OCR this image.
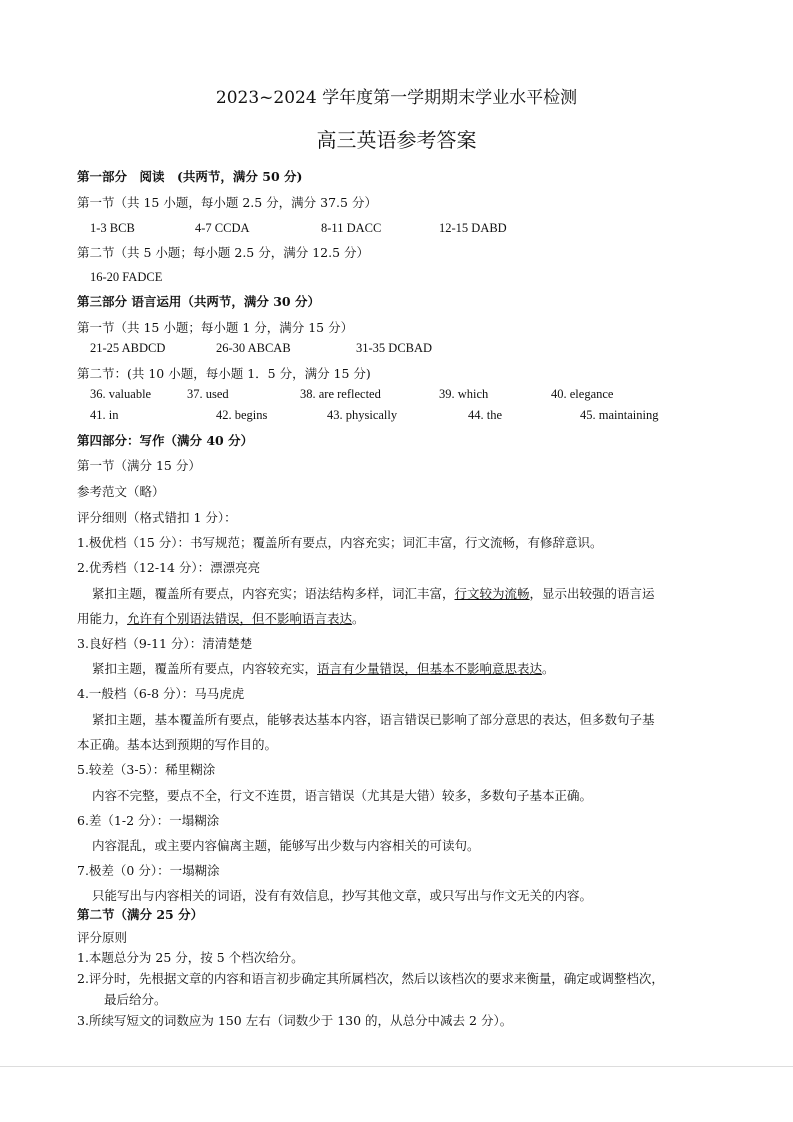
2023~2024 学年度第一学期期末学业水平检测
高三英语参考答案
第一部分　阅读　(共两节，满分 50 分)
第一节（共 15 小题，每小题 2.5 分，满分 37.5 分）
1-3 BCB	4-7 CCDA	8-11 DACC	12-15 DABD
第二节（共 5 小题；每小题 2.5 分，满分 12.5 分）
16-20 FADCE
第三部分 语言运用（共两节，满分 30 分）
第一节（共 15 小题；每小题 1 分，满分 15 分）
21-25 ABDCD	26-30 ABCAB	31-35 DCBAD
第二节：(共 10 小题，每小题 1．5 分，满分 15 分)
36. valuable	37. used	38. are reflected	39. which	40. elegance
41. in	42. begins	43. physically	44. the	45. maintaining
第四部分：写作（满分 40 分）
第一节（满分 15 分）
参考范文（略）
评分细则（格式错扣 1 分）：
1.极优档（15 分）：书写规范；覆盖所有要点，内容充实；词汇丰富，行文流畅，有修辞意识。
2.优秀档（12-14 分）：漂漂亮亮
紧扣主题，覆盖所有要点，内容充实；语法结构多样，词汇丰富，行文较为流畅，显示出较强的语言运
用能力，允许有个别语法错误，但不影响语言表达。
3.良好档（9-11 分）：清清楚楚
紧扣主题，覆盖所有要点，内容较充实，语言有少量错误，但基本不影响意思表达。
4.一般档（6-8 分）：马马虎虎
紧扣主题，基本覆盖所有要点，能够表达基本内容，语言错误已影响了部分意思的表达，但多数句子基
本正确。基本达到预期的写作目的。
5.较差（3-5）：稀里糊涂
内容不完整，要点不全，行文不连贯，语言错误（尤其是大错）较多，多数句子基本正确。
6.差（1-2 分）：一塌糊涂
内容混乱，或主要内容偏离主题，能够写出少数与内容相关的可读句。
7.极差（0 分）：一塌糊涂
只能写出与内容相关的词语，没有有效信息，抄写其他文章，或只写出与作文无关的内容。
第二节（满分 25 分）
评分原则
1.本题总分为 25 分，按 5 个档次给分。
2.评分时，先根据文章的内容和语言初步确定其所属档次，然后以该档次的要求来衡量，确定或调整档次，
最后给分。
3.所续写短文的词数应为 150 左右（词数少于 130 的，从总分中减去 2 分）。
